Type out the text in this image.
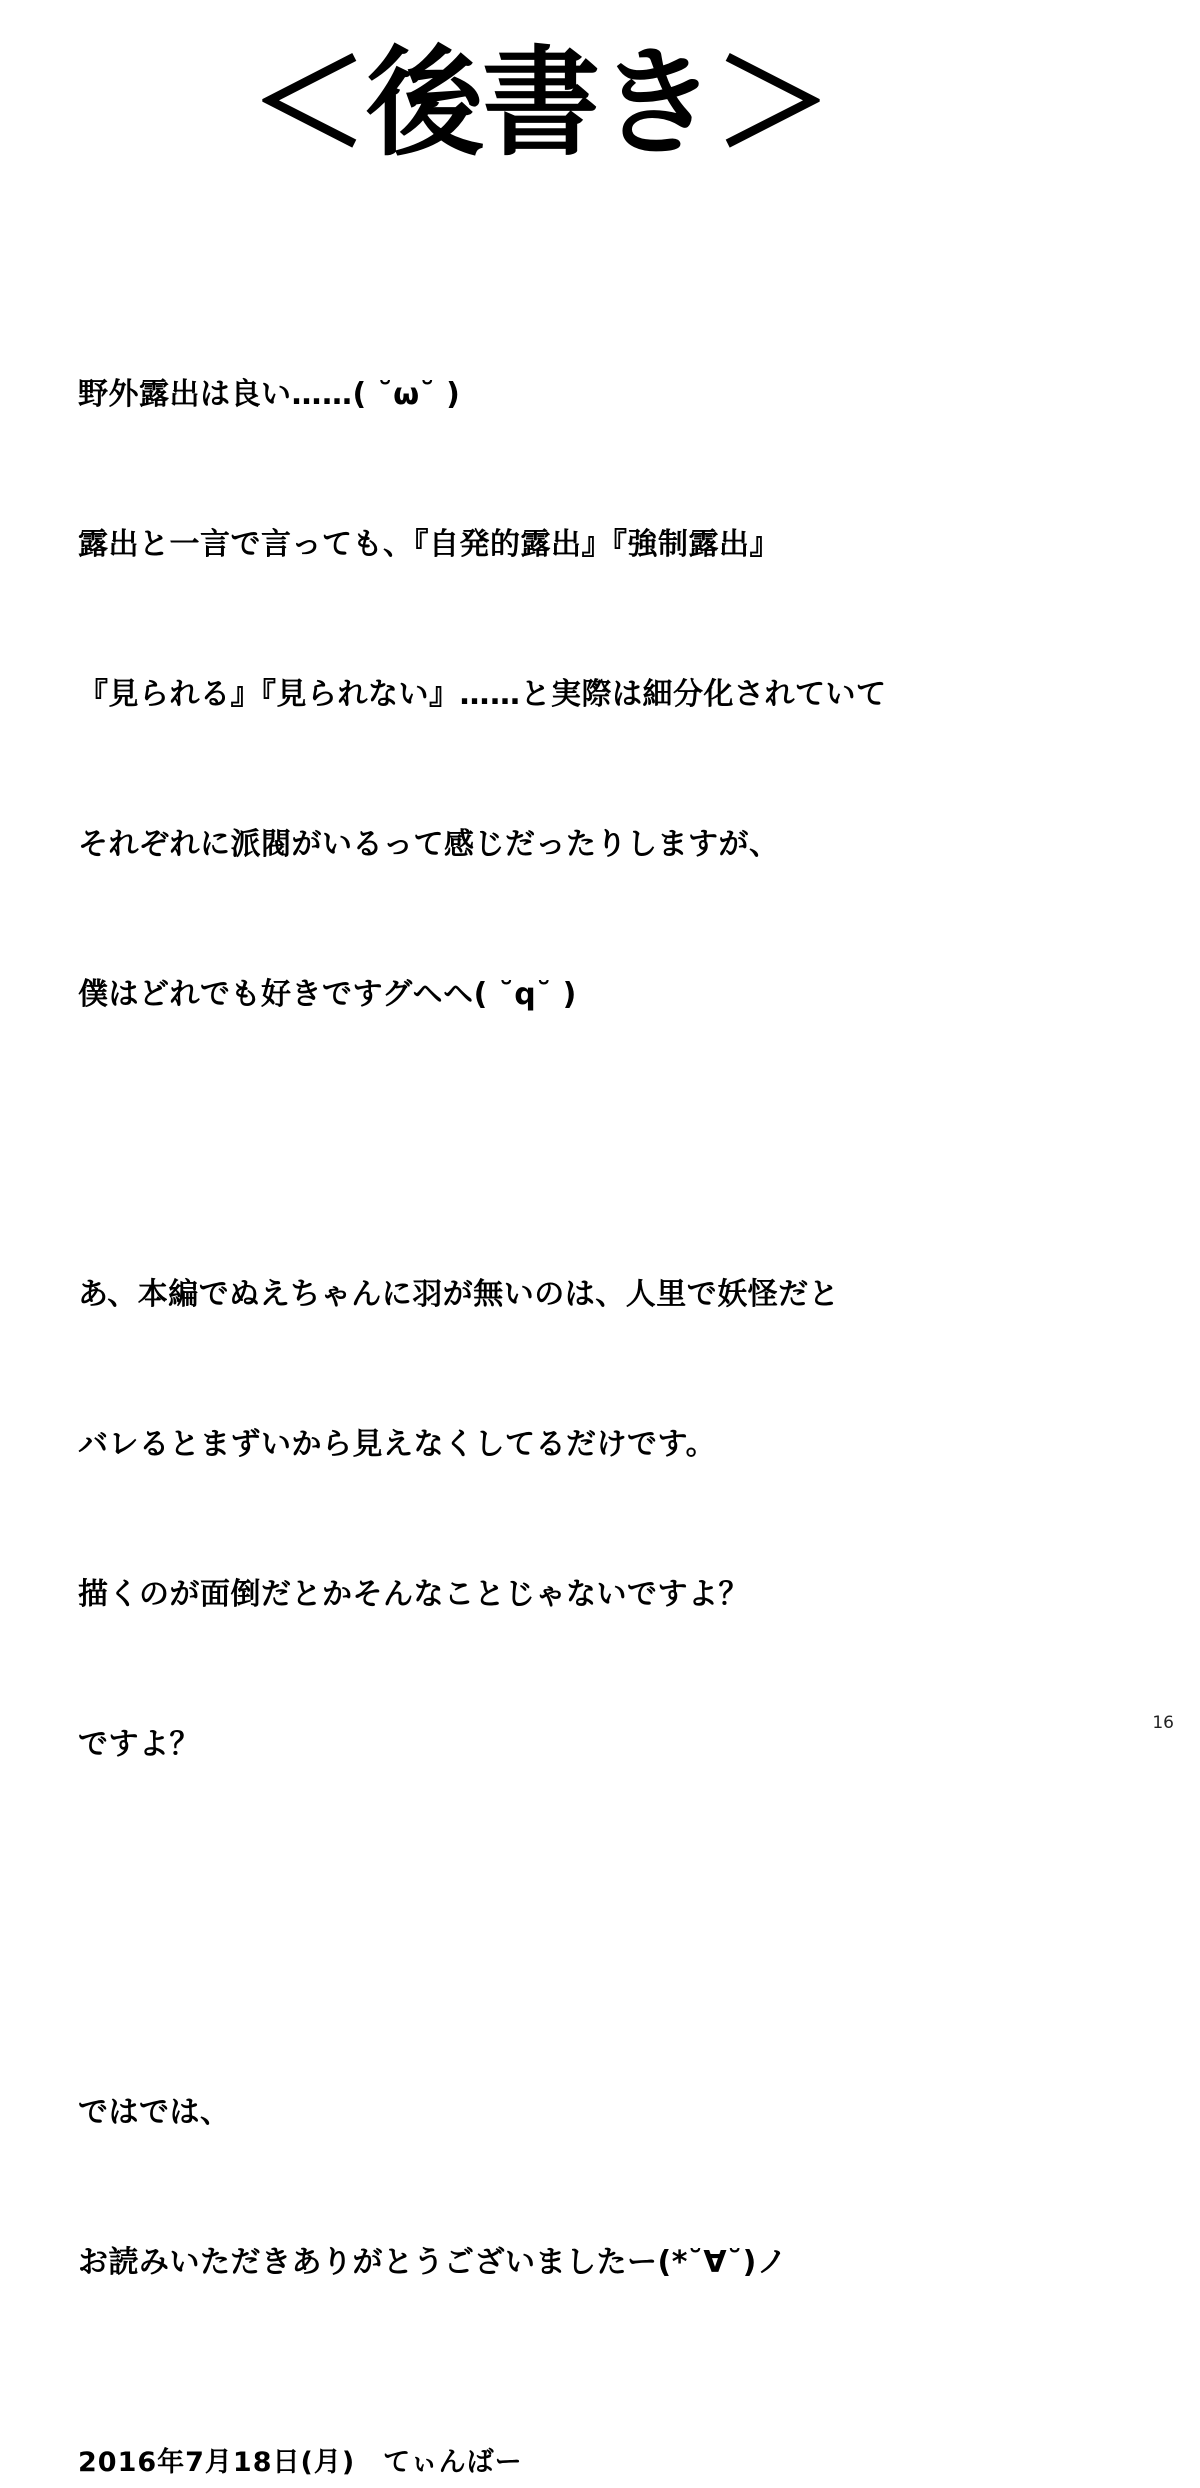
＜後書き＞

野外露出は良い……( ˘ω˘ )

露出と一言で言っても、『自発的露出』『強制露出』

『見られる』『見られない』……と実際は細分化されていて

それぞれに派閥がいるって感じだったりしますが、

僕はどれでも好きですグヘヘ( ˘q˘ )

あ、本編でぬえちゃんに羽が無いのは、人里で妖怪だと

バレるとまずいから見えなくしてるだけです。

描くのが面倒だとかそんなことじゃないですよ？

ですよ？

ではでは、

お読みいただきありがとうございましたー(*˘∀˘)ノ

2016年7月18日(月)　てぃんばー
16
